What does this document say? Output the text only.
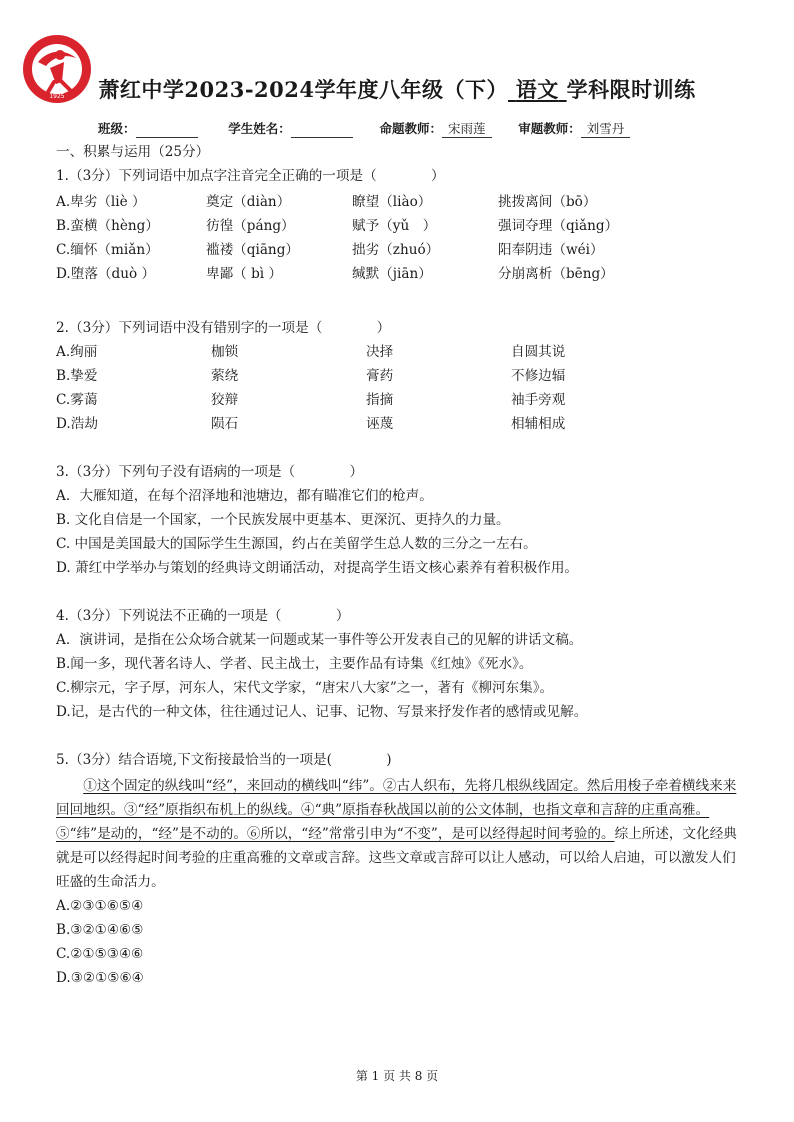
1925	萧红中学2023-2024学年度八年级（下） 语文 学科限时训练
班级：	学生姓名：	命题教师： 宋雨莲	审题教师： 刘雪丹
一、积累与运用（25分）
1.（3分）下列词语中加点字注音完全正确的一项是（　　　　）
A.卑劣（liè ）	奠定（diàn）	瞭望（liào）	挑拨离间（bō）
B.蛮横（hèng）	彷徨（páng）	赋予（yǔ　）	强词夺理（qiǎng）
C.缅怀（miǎn）	褴褛（qiāng）	拙劣（zhuó）	阳奉阴违（wéi）
D.堕落（duò ）	卑鄙（ bì ）	缄默（jiān）	分崩离析（bēng）
2.（3分）下列词语中没有错别字的一项是（　　　　）
A.绚丽	枷锁	决择	自圆其说
B.挚爱	萦绕	膏药	不修边辐
C.雾蔼	狡辩	指摘	袖手旁观
D.浩劫	陨石	诬蔑	相辅相成
3.（3分）下列句子没有语病的一项是（　　　　）
A．大雁知道，在每个沼泽地和池塘边，都有瞄准它们的枪声。
B. 文化自信是一个国家，一个民族发展中更基本、更深沉、更持久的力量。
C. 中国是美国最大的国际学生生源国，约占在美留学生总人数的三分之一左右。
D. 萧红中学举办与策划的经典诗文朗诵活动，对提高学生语文核心素养有着积极作用。
4.（3分）下列说法不正确的一项是（　　　　）
A．演讲词，是指在公众场合就某一问题或某一事件等公开发表自己的见解的讲话文稿。
B.闻一多，现代著名诗人、学者、民主战士，主要作品有诗集《红烛》《死水》。
C.柳宗元，字子厚，河东人，宋代文学家，“唐宋八大家”之一，著有《柳河东集》。
D.记，是古代的一种文体，往往通过记人、记事、记物、写景来抒发作者的感情或见解。
5.（3分）结合语境,下文衔接最恰当的一项是(　　　　)
①这个固定的纵线叫“经”，来回动的横线叫“纬”。②古人织布，先将几根纵线固定。然后用梭子牵着横线来来回回地织。③“经”原指织布机上的纵线。④“典”原指春秋战国以前的公文体制，也指文章和言辞的庄重高雅。⑤“纬”是动的，“经”是不动的。⑥所以，“经”常常引申为“不变”，是可以经得起时间考验的。综上所述，文化经典就是可以经得起时间考验的庄重高雅的文章或言辞。这些文章或言辞可以让人感动，可以给人启迪，可以激发人们旺盛的生命活力。
A.②③①⑥⑤④
B.③②①④⑥⑤
C.②①⑤③④⑥
D.③②①⑤⑥④
第 1 页 共 8 页
